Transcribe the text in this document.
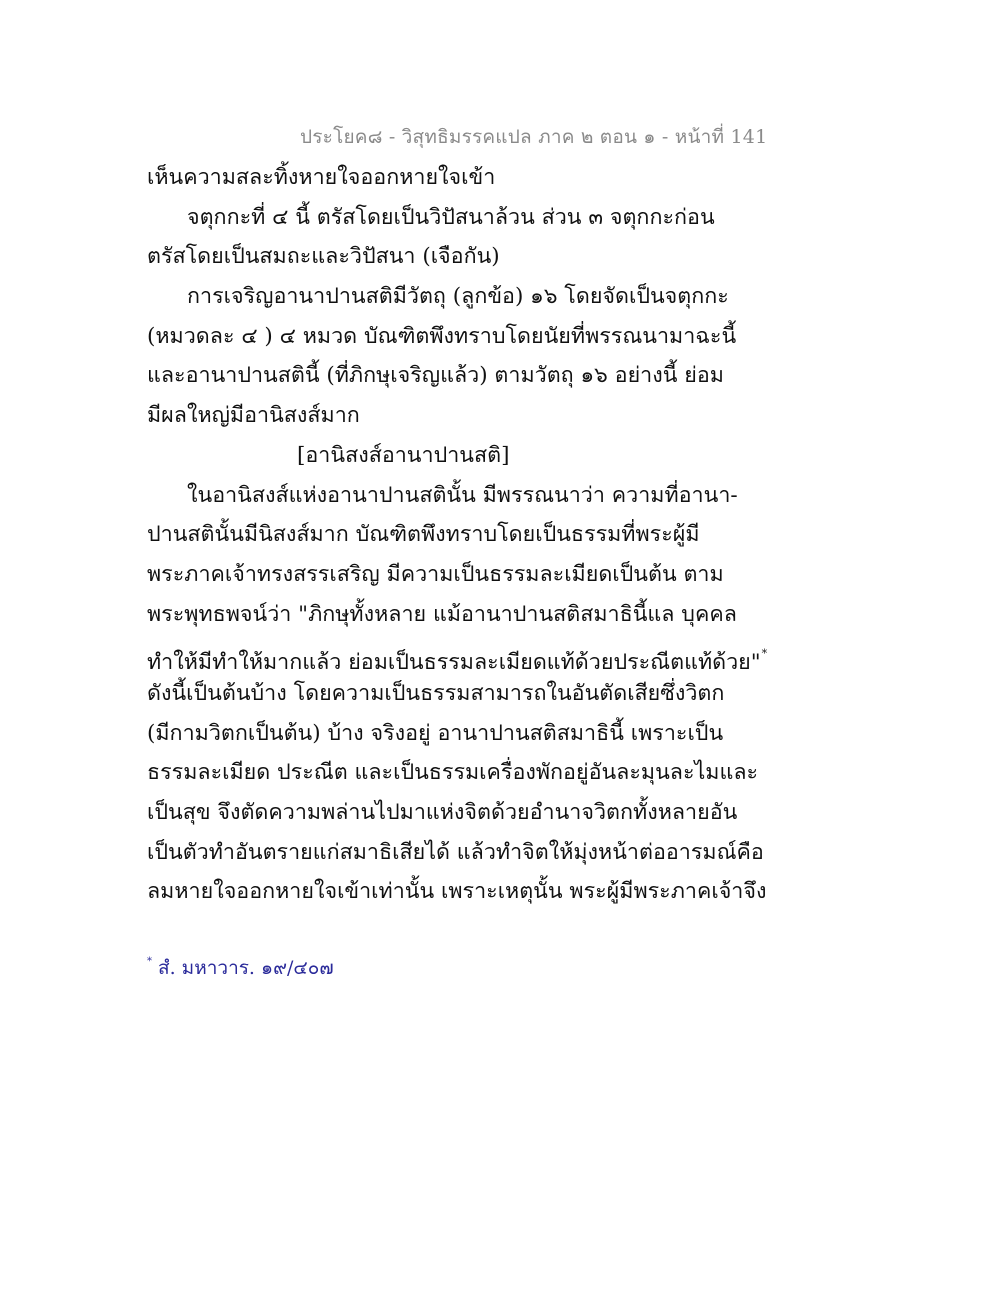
ประโยค๘ - วิสุทธิมรรคแปล ภาค ๒ ตอน ๑ - หน้าที่ 141
เห็นความสละทิ้งหายใจออกหายใจเข้า
จตุกกะที่ ๔ นี้ ตรัสโดยเป็นวิปัสนาล้วน ส่วน ๓ จตุกกะก่อน
ตรัสโดยเป็นสมถะและวิปัสนา (เจือกัน)
การเจริญอานาปานสติมีวัตถุ (ลูกข้อ) ๑๖ โดยจัดเป็นจตุกกะ
(หมวดละ ๔ ) ๔ หมวด บัณฑิตพึงทราบโดยนัยที่พรรณนามาฉะนี้
และอานาปานสตินี้ (ที่ภิกษุเจริญแล้ว) ตามวัตถุ ๑๖ อย่างนี้ ย่อม
มีผลใหญ่มีอานิสงส์มาก
[อานิสงส์อานาปานสติ]
ในอานิสงส์แห่งอานาปานสตินั้น มีพรรณนาว่า ความที่อานา-
ปานสตินั้นมีนิสงส์มาก บัณฑิตพึงทราบโดยเป็นธรรมที่พระผู้มี
พระภาคเจ้าทรงสรรเสริญ มีความเป็นธรรมละเมียดเป็นต้น ตาม
พระพุทธพจน์ว่า "ภิกษุทั้งหลาย แม้อานาปานสติสมาธินี้แล บุคคล
ทำให้มีทำให้มากแล้ว ย่อมเป็นธรรมละเมียดแท้ด้วยประณีตแท้ด้วย"*
ดังนี้เป็นต้นบ้าง โดยความเป็นธรรมสามารถในอันตัดเสียซึ่งวิตก
(มีกามวิตกเป็นต้น) บ้าง จริงอยู่ อานาปานสติสมาธินี้ เพราะเป็น
ธรรมละเมียด ประณีต และเป็นธรรมเครื่องพักอยู่อันละมุนละไมและ
เป็นสุข จึงตัดความพล่านไปมาแห่งจิตด้วยอำนาจวิตกทั้งหลายอัน
เป็นตัวทำอันตรายแก่สมาธิเสียได้ แล้วทำจิตให้มุ่งหน้าต่ออารมณ์คือ
ลมหายใจออกหายใจเข้าเท่านั้น เพราะเหตุนั้น พระผู้มีพระภาคเจ้าจึง
* สํ. มหาวาร. ๑๙/๔๐๗
